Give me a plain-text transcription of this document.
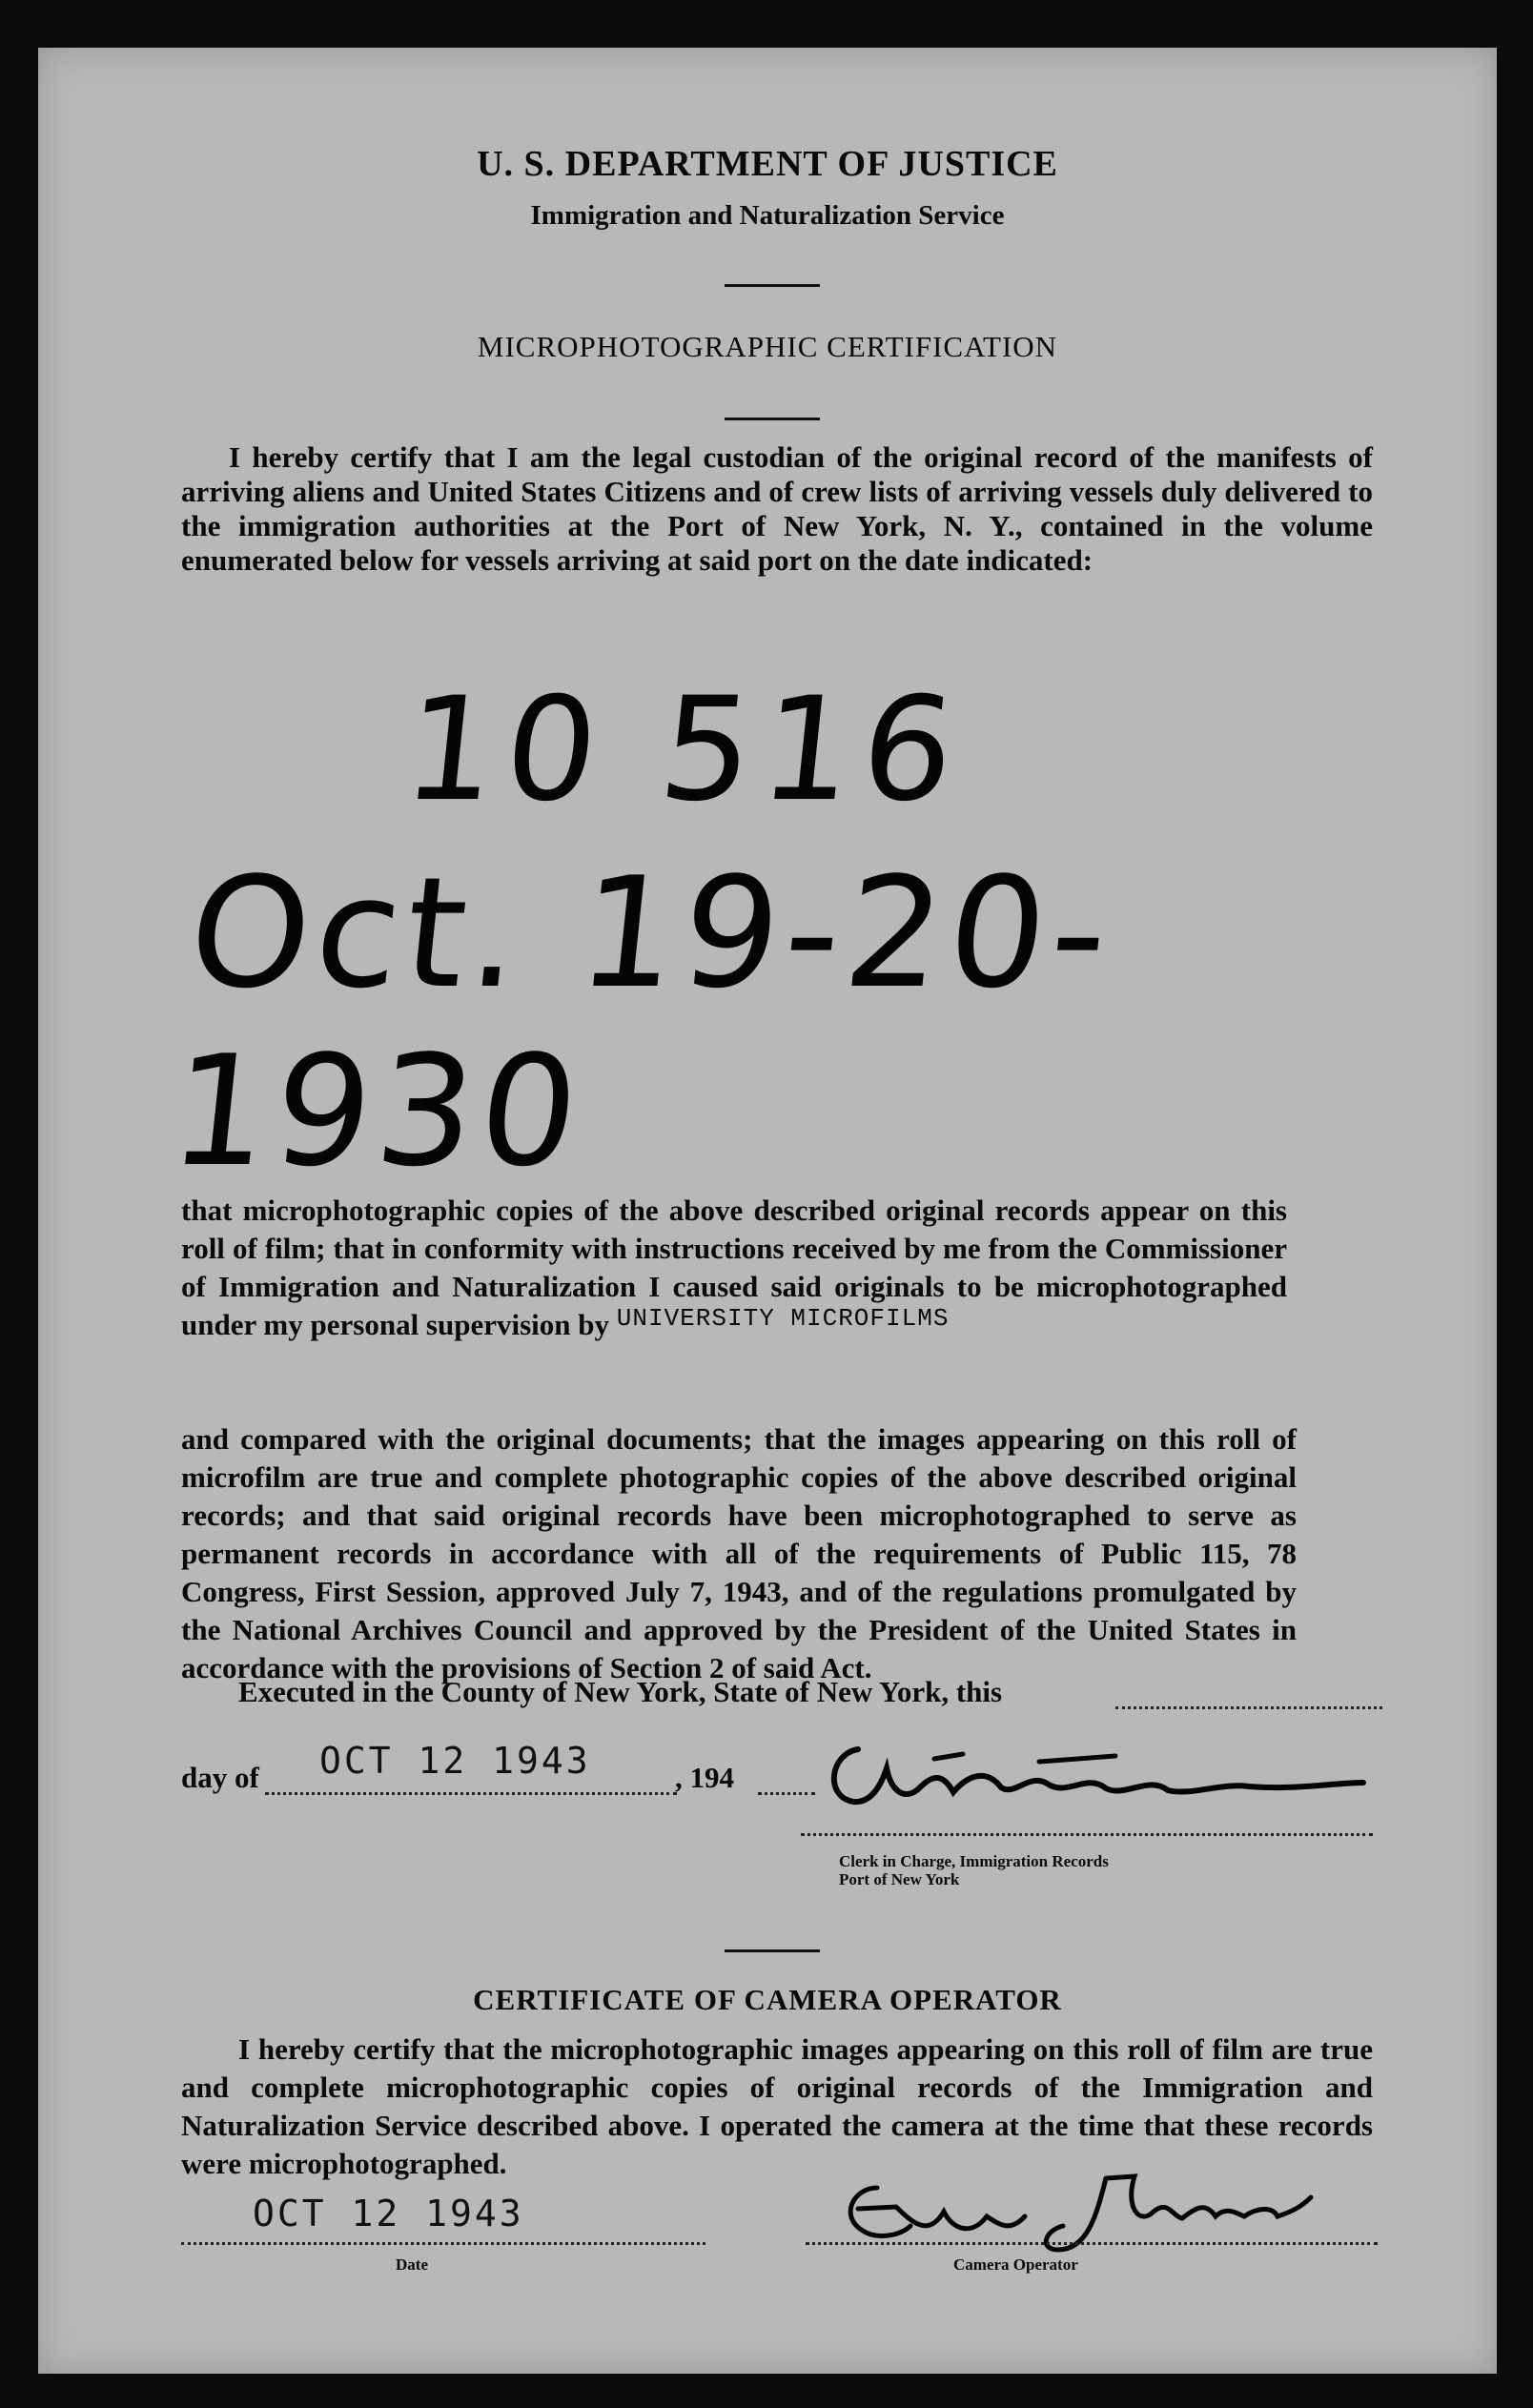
U. S. DEPARTMENT OF JUSTICE
Immigration and Naturalization Service
MICROPHOTOGRAPHIC CERTIFICATION
I hereby certify that I am the legal custodian of the original record of the manifests of arriving aliens and United States Citizens and of crew lists of arriving vessels duly delivered to the immigration authorities at the Port of New York, N. Y., contained in the volume enumerated below for vessels arriving at said port on the date indicated:
10 516
Oct. 19-20-1930
that microphotographic copies of the above described original records appear on this roll of film; that in conformity with instructions received by me from the Commissioner of Immigration and Naturalization I caused said originals to be microphotographed under my personal supervision by $^{UNIVERSITY MICROFILMS}$
and compared with the original documents; that the images appearing on this roll of microfilm are true and complete photographic copies of the above described original records; and that said original records have been microphotographed to serve as permanent records in accordance with all of the requirements of Public 115, 78 Congress, First Session, approved July 7, 1943, and of the regulations promulgated by the National Archives Council and approved by the President of the United States in accordance with the provisions of Section 2 of said Act.
Executed in the County of New York, State of New York, this
day of OCT 12 1943	, 194
Clerk in Charge, Immigration Records
Port of New York
CERTIFICATE OF CAMERA OPERATOR
I hereby certify that the microphotographic images appearing on this roll of film are true and complete microphotographic copies of original records of the Immigration and Naturalization Service described above. I operated the camera at the time that these records were microphotographed.
OCT 12 1943
Date	Camera Operator
